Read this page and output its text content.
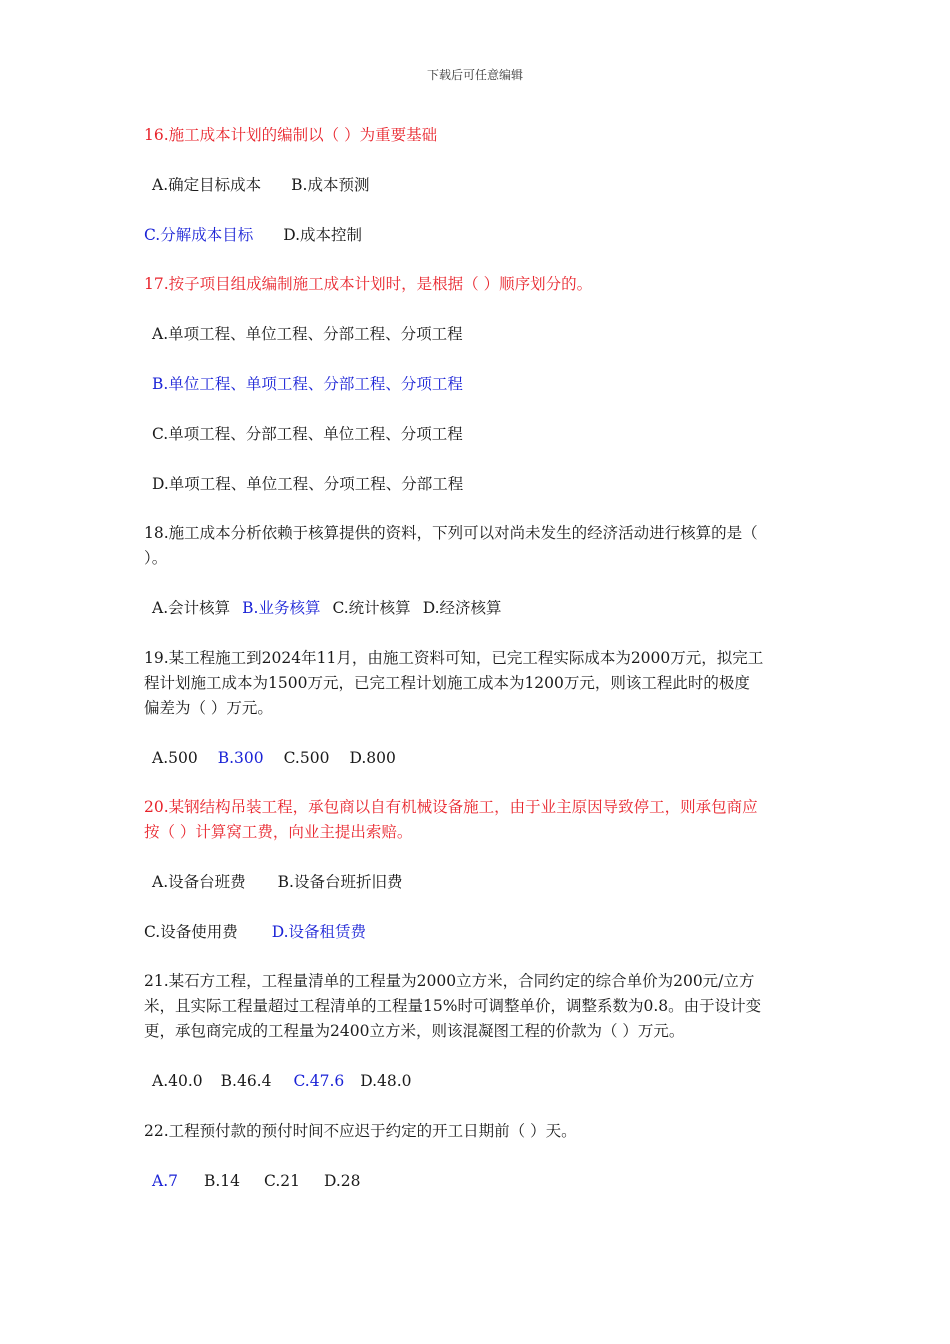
下载后可任意编辑
16.施工成本计划的编制以（ ）为重要基础
A.确定目标成本 B.成本预测
C.分解成本目标 D.成本控制
17.按子项目组成编制施工成本计划时，是根据（ ）顺序划分的。
A.单项工程、单位工程、分部工程、分项工程
B.单位工程、单项工程、分部工程、分项工程
C.单项工程、分部工程、单位工程、分项工程
D.单项工程、单位工程、分项工程、分部工程
18.施工成本分析依赖于核算提供的资料，下列可以对尚未发生的经济活动进行核算的是（
）。
A.会计核算 B.业务核算 C.统计核算 D.经济核算
19.某工程施工到2024年11月，由施工资料可知，已完工程实际成本为2000万元，拟完工
程计划施工成本为1500万元，已完工程计划施工成本为1200万元，则该工程此时的极度
偏差为（ ）万元。
A.500 B.300 C.500 D.800
20.某钢结构吊装工程，承包商以自有机械设备施工，由于业主原因导致停工，则承包商应
按（ ）计算窝工费，向业主提出索赔。
A.设备台班费 B.设备台班折旧费
C.设备使用费 D.设备租赁费
21.某石方工程，工程量清单的工程量为2000立方米，合同约定的综合单价为200元/立方
米，且实际工程量超过工程清单的工程量15%时可调整单价，调整系数为0.8。由于设计变
更，承包商完成的工程量为2400立方米，则该混凝图工程的价款为（ ）万元。
A.40.0 B.46.4 C.47.6 D.48.0
22.工程预付款的预付时间不应迟于约定的开工日期前（ ）天。
A.7 B.14 C.21 D.28
